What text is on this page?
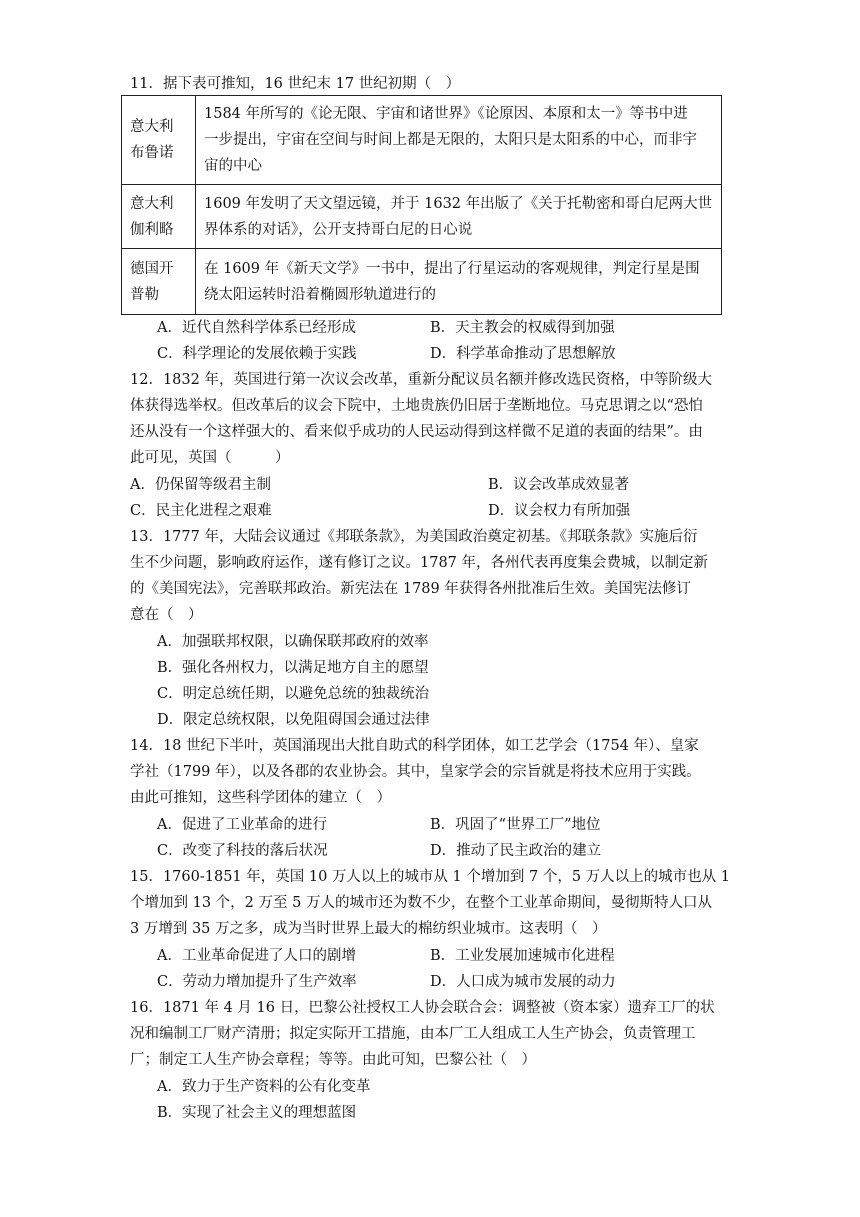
11．据下表可推知，16 世纪末 17 世纪初期（　）
意大利
布鲁诺	1584 年所写的《论无限、宇宙和诸世界》《论原因、本原和太一》等书中进
一步提出，宇宙在空间与时间上都是无限的，太阳只是太阳系的中心，而非宇
宙的中心

意大利
伽利略	1609 年发明了天文望远镜，并于 1632 年出版了《关于托勒密和哥白尼两大世
界体系的对话》，公开支持哥白尼的日心说

德国开
普勒	在 1609 年《新天文学》一书中，提出了行星运动的客观规律，判定行星是围
绕太阳运转时沿着椭圆形轨道进行的
A．近代自然科学体系已经形成	B．天主教会的权威得到加强
C．科学理论的发展依赖于实践	D．科学革命推动了思想解放
12．1832 年，英国进行第一次议会改革，重新分配议员名额并修改选民资格，中等阶级大
体获得选举权。但改革后的议会下院中，土地贵族仍旧居于垄断地位。马克思谓之以“恐怕
还从没有一个这样强大的、看来似乎成功的人民运动得到这样微不足道的表面的结果”。由
此可见，英国（　　　）
A．仍保留等级君主制	B．议会改革成效显著
C．民主化进程之艰难	D．议会权力有所加强
13．1777 年，大陆会议通过《邦联条款》，为美国政治奠定初基。《邦联条款》实施后衍
生不少问题，影响政府运作，遂有修订之议。1787 年，各州代表再度集会费城，以制定新
的《美国宪法》，完善联邦政治。新宪法在 1789 年获得各州批准后生效。美国宪法修订
意在（　）
A．加强联邦权限，以确保联邦政府的效率
B．强化各州权力，以满足地方自主的愿望
C．明定总统任期，以避免总统的独裁统治
D．限定总统权限，以免阻碍国会通过法律
14．18 世纪下半叶，英国涌现出大批自助式的科学团体，如工艺学会（1754 年）、皇家
学社（1799 年），以及各郡的农业协会。其中，皇家学会的宗旨就是将技术应用于实践。
由此可推知，这些科学团体的建立（　）
A．促进了工业革命的进行	B．巩固了“世界工厂”地位
C．改变了科技的落后状况	D．推动了民主政治的建立
15．1760-1851 年，英国 10 万人以上的城市从 1 个增加到 7 个，5 万人以上的城市也从 1
个增加到 13 个，2 万至 5 万人的城市还为数不少，在整个工业革命期间，曼彻斯特人口从
3 万增到 35 万之多，成为当时世界上最大的棉纺织业城市。这表明（　）
A．工业革命促进了人口的剧增	B．工业发展加速城市化进程
C．劳动力增加提升了生产效率	D．人口成为城市发展的动力
16．1871 年 4 月 16 日，巴黎公社授权工人协会联合会：调整被（资本家）遗弃工厂的状
况和编制工厂财产清册；拟定实际开工措施，由本厂工人组成工人生产协会，负责管理工
厂；制定工人生产协会章程；等等。由此可知，巴黎公社（　）
A．致力于生产资料的公有化变革
B．实现了社会主义的理想蓝图
